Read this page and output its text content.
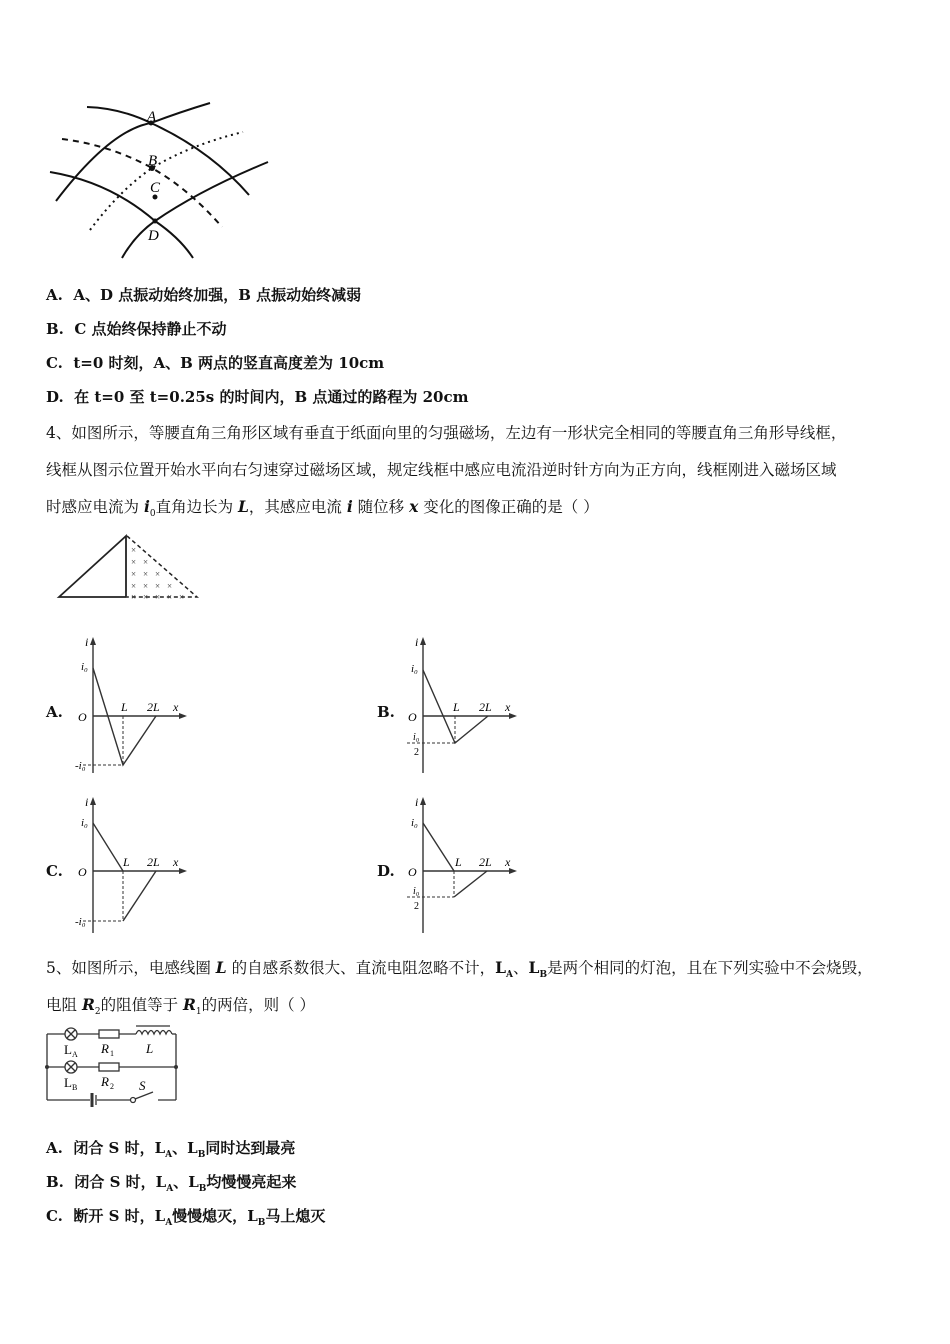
A
B
C
D
A. A、D 点振动始终加强，B 点振动始终减弱
B. C 点始终保持静止不动
C. t=0 时刻，A、B 两点的竖直高度差为 10cm
D. 在 t=0 至 t=0.25s 的时间内，B 点通过的路程为 20cm
4、如图所示，等腰直角三角形区域有垂直于纸面向里的匀强磁场，左边有一形状完全相同的等腰直角三角形导线框，
线框从图示位置开始水平向右匀速穿过磁场区域，规定线框中感应电流沿逆时针方向为正方向，线框刚进入磁场区域
时感应电流为 $i_0$直角边长为 L，其感应电流 i 随位移 x 变化的图像正确的是（ ）
×
× ×
× × ×
× × × ×
× × × × ×
A.
i
i₀
O
L 2L x
-i₀
B.
i
i₀
O
L 2L x
i₀
2
C.
i
i₀
O
L 2L x
-i₀
D.
i
i₀
O
L 2L x
i₀
2
5、如图所示，电感线圈 L 的自感系数很大、直流电阻忽略不计，$L_A$、$L_B$是两个相同的灯泡，且在下列实验中不会烧毁，
电阻 $R_2$的阻值等于 $R_1$的两倍，则（ ）
L A
L B
R 1
R 2
L
S
A. 闭合 S 时，$L_A$、$L_B$同时达到最亮
B. 闭合 S 时，$L_A$、$L_B$均慢慢亮起来
C. 断开 S 时，$L_A$慢慢熄灭，$L_B$马上熄灭
